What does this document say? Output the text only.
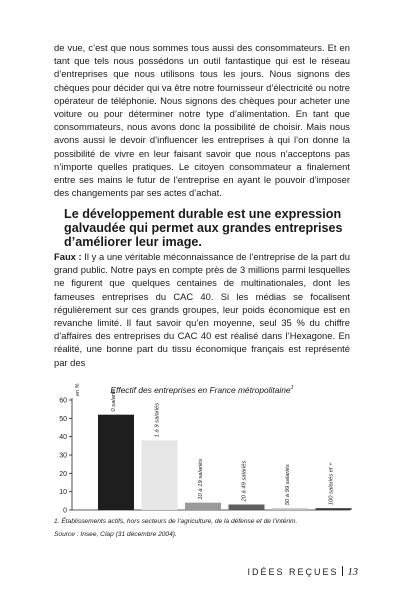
de vue, c’est que nous sommes tous aussi des consommateurs. Et en tant que tels nous possédons un outil fantastique qui est le réseau d’entreprises que nous utilisons tous les jours. Nous signons des chèques pour décider qui va être notre fournisseur d’électricité ou notre opérateur de téléphonie. Nous signons des chèques pour acheter une voiture ou pour déterminer notre type d’alimentation. En tant que consommateurs, nous avons donc la possibilité de choisir. Mais nous avons aussi le devoir d’influencer les entreprises à qui l’on donne la possibilité de vivre en leur faisant savoir que nous n’acceptons pas n’importe quelles pratiques. Le citoyen consommateur a finalement entre ses mains le futur de l’entreprise en ayant le pouvoir d’imposer des changements par ses actes d’achat.

Le développement durable est une expression galvaudée qui permet aux grandes entreprises d’améliorer leur image.

Faux : Il y a une véritable méconnaissance de l’entreprise de la part du grand public. Notre pays en compte près de 3 millions parmi lesquelles ne figurent que quelques centaines de multinationales, dont les fameuses entreprises du CAC 40. Si les médias se focalisent régulièrement sur ces grands groupes, leur poids économique est en revanche limité. Il faut savoir qu’en moyenne, seul 35 % du chiffre d’affaires des entreprises du CAC 40 est réalisé dans l’Hexagone. En réalité, une bonne part du tissu économique français est représenté par des

Effectif des entreprises en France métropolitaine$^1$
0
10
20
30
40
50
60
en %
0 salarié
1 à 9 salariés
10 à 19 salariés	20 à 49 salariés	50 à 99 salariés	100 salariés et +
1. Établissements actifs, hors secteurs de l’agriculture, de la défense et de l’intérim.
Source : Insee, Clap (31 décembre 2004).
IDÉES REÇUES 13
